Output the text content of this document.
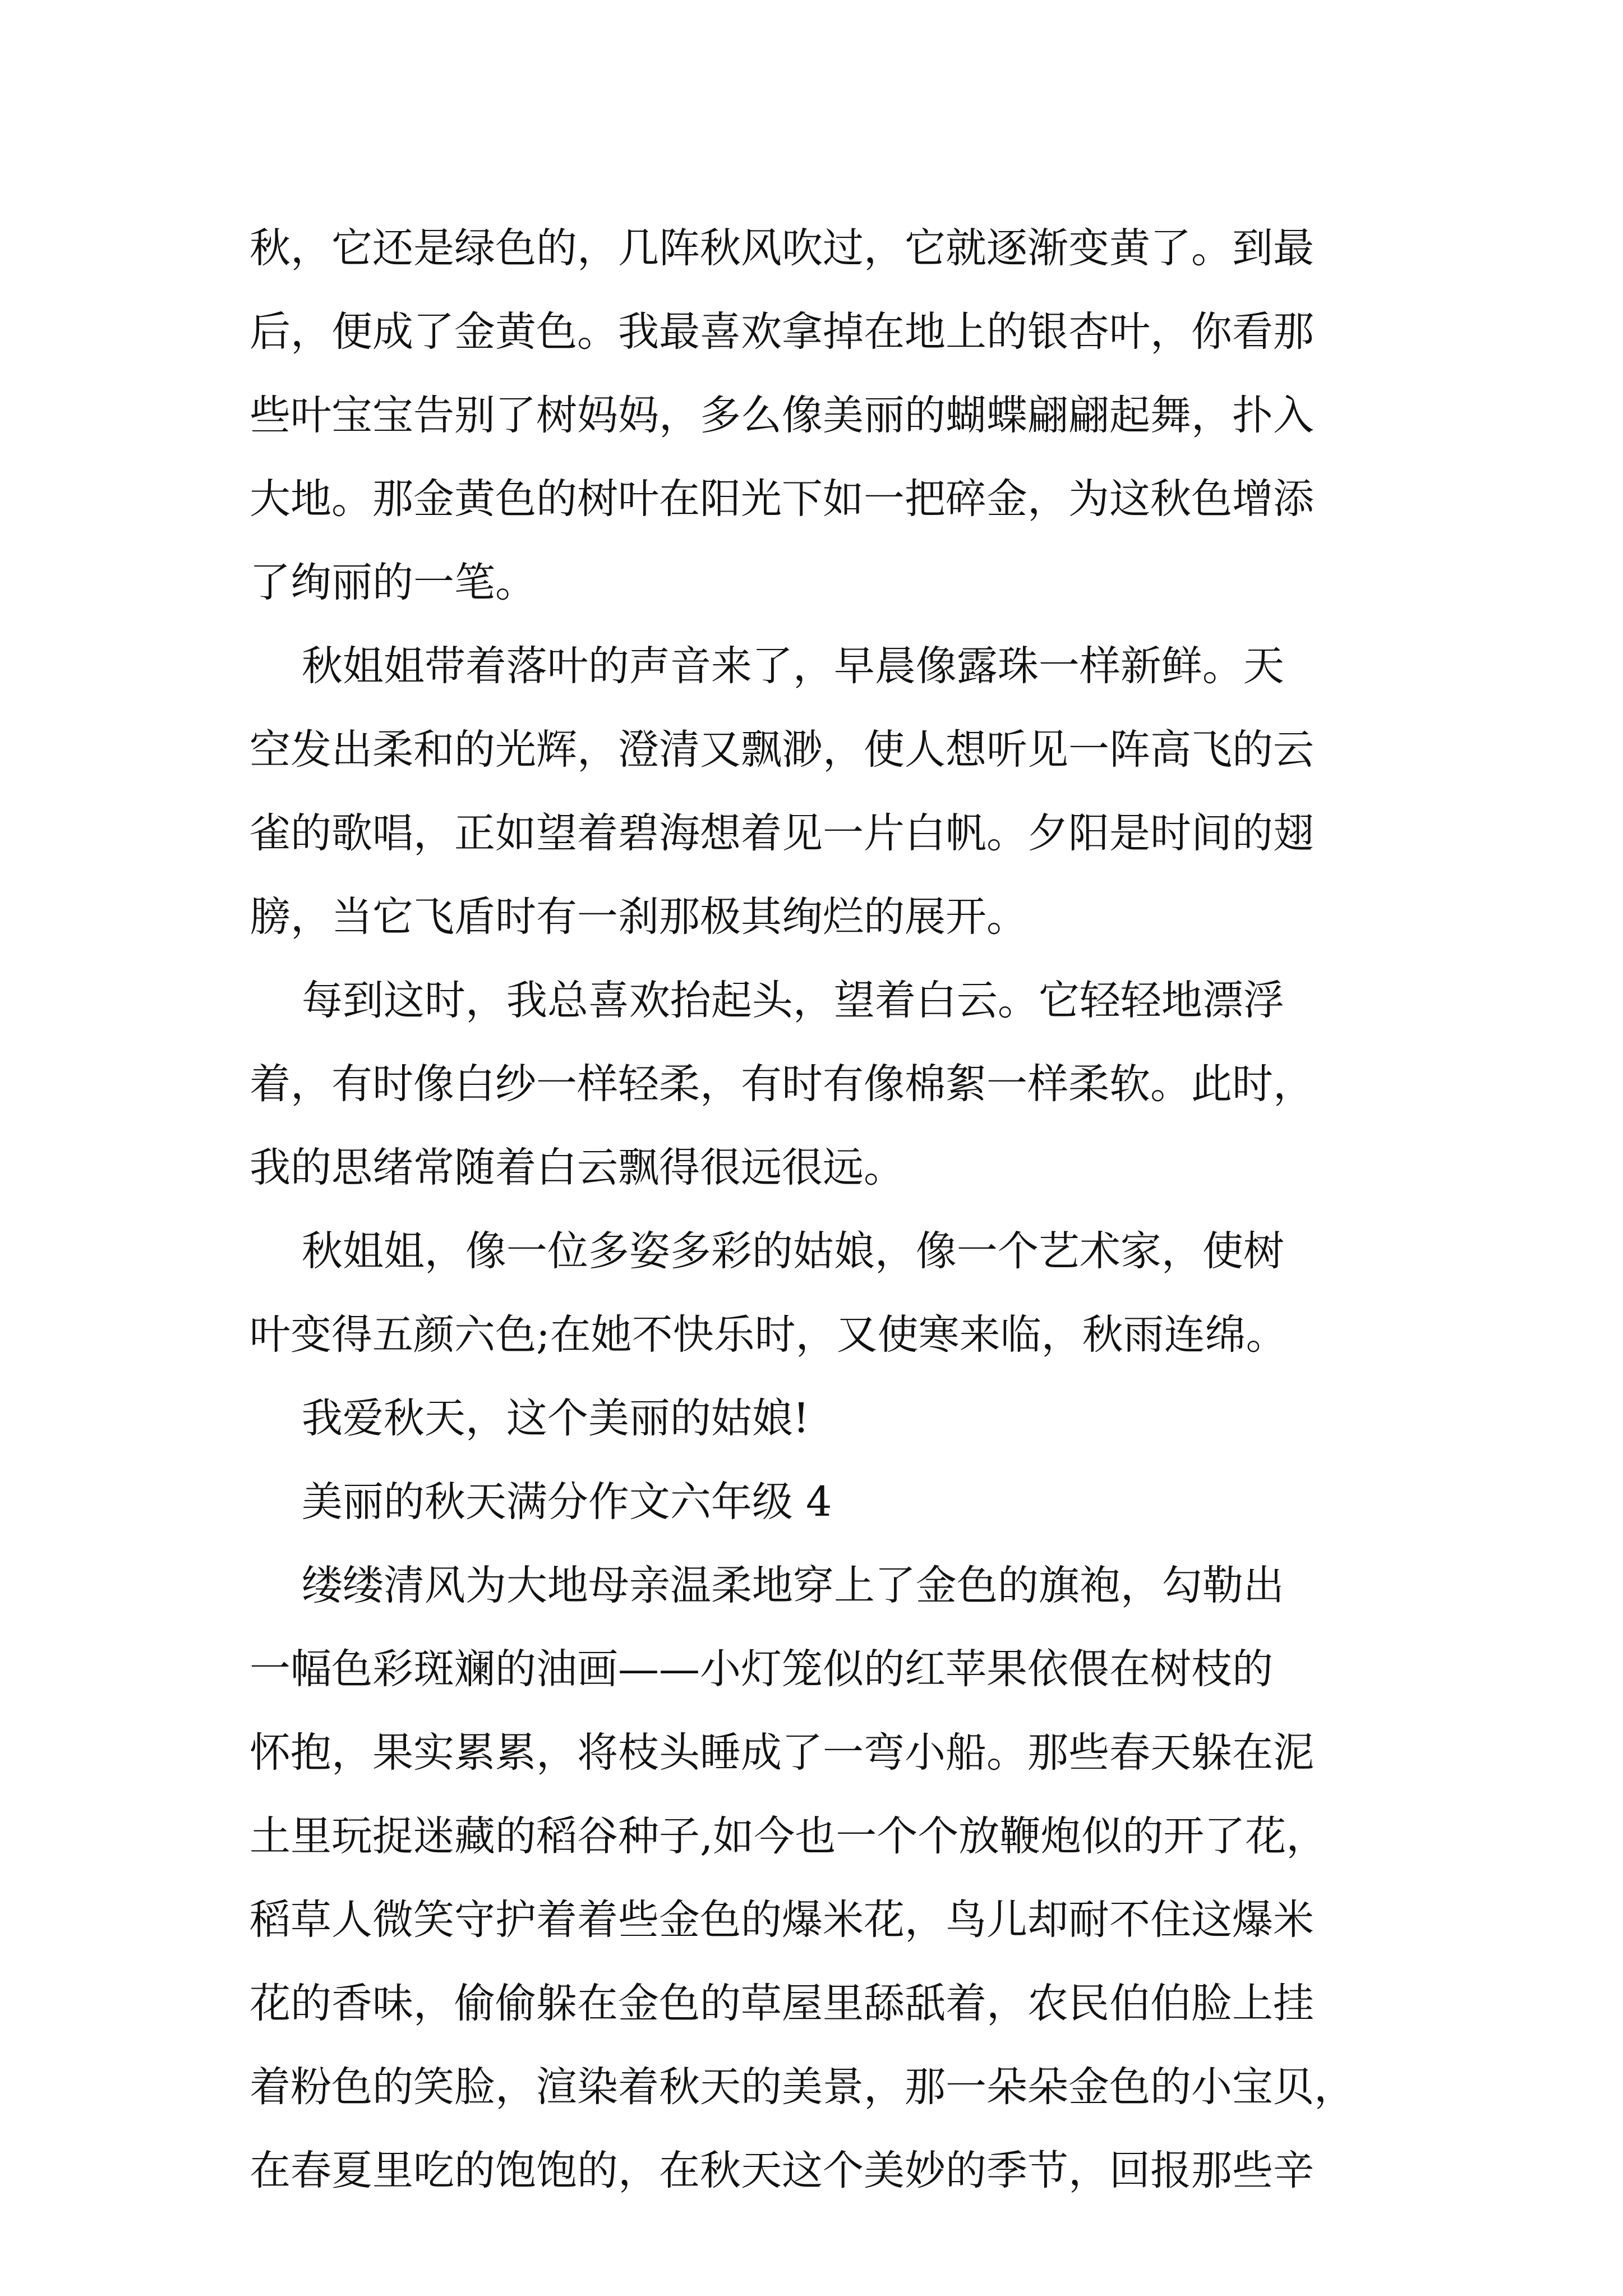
秋，它还是绿色的，几阵秋风吹过，它就逐渐变黄了。到最
后，便成了金黄色。我最喜欢拿掉在地上的银杏叶，你看那
些叶宝宝告别了树妈妈，多么像美丽的蝴蝶翩翩起舞，扑入
大地。那金黄色的树叶在阳光下如一把碎金，为这秋色增添
了绚丽的一笔。
秋姐姐带着落叶的声音来了，早晨像露珠一样新鲜。天
空发出柔和的光辉，澄清又飘渺，使人想听见一阵高飞的云
雀的歌唱，正如望着碧海想着见一片白帆。夕阳是时间的翅
膀，当它飞盾时有一刹那极其绚烂的展开。
每到这时，我总喜欢抬起头，望着白云。它轻轻地漂浮
着，有时像白纱一样轻柔，有时有像棉絮一样柔软。此时，
我的思绪常随着白云飘得很远很远。
秋姐姐，像一位多姿多彩的姑娘，像一个艺术家，使树
叶变得五颜六色;在她不快乐时，又使寒来临，秋雨连绵。
我爱秋天，这个美丽的姑娘!
美丽的秋天满分作文六年级 4
缕缕清风为大地母亲温柔地穿上了金色的旗袍，勾勒出
一幅色彩斑斓的油画——小灯笼似的红苹果依偎在树枝的
怀抱，果实累累，将枝头睡成了一弯小船。那些春天躲在泥
土里玩捉迷藏的稻谷种子,如今也一个个放鞭炮似的开了花，
稻草人微笑守护着着些金色的爆米花，鸟儿却耐不住这爆米
花的香味，偷偷躲在金色的草屋里舔舐着，农民伯伯脸上挂
着粉色的笑脸，渲染着秋天的美景，那一朵朵金色的小宝贝，
在春夏里吃的饱饱的，在秋天这个美妙的季节，回报那些辛
